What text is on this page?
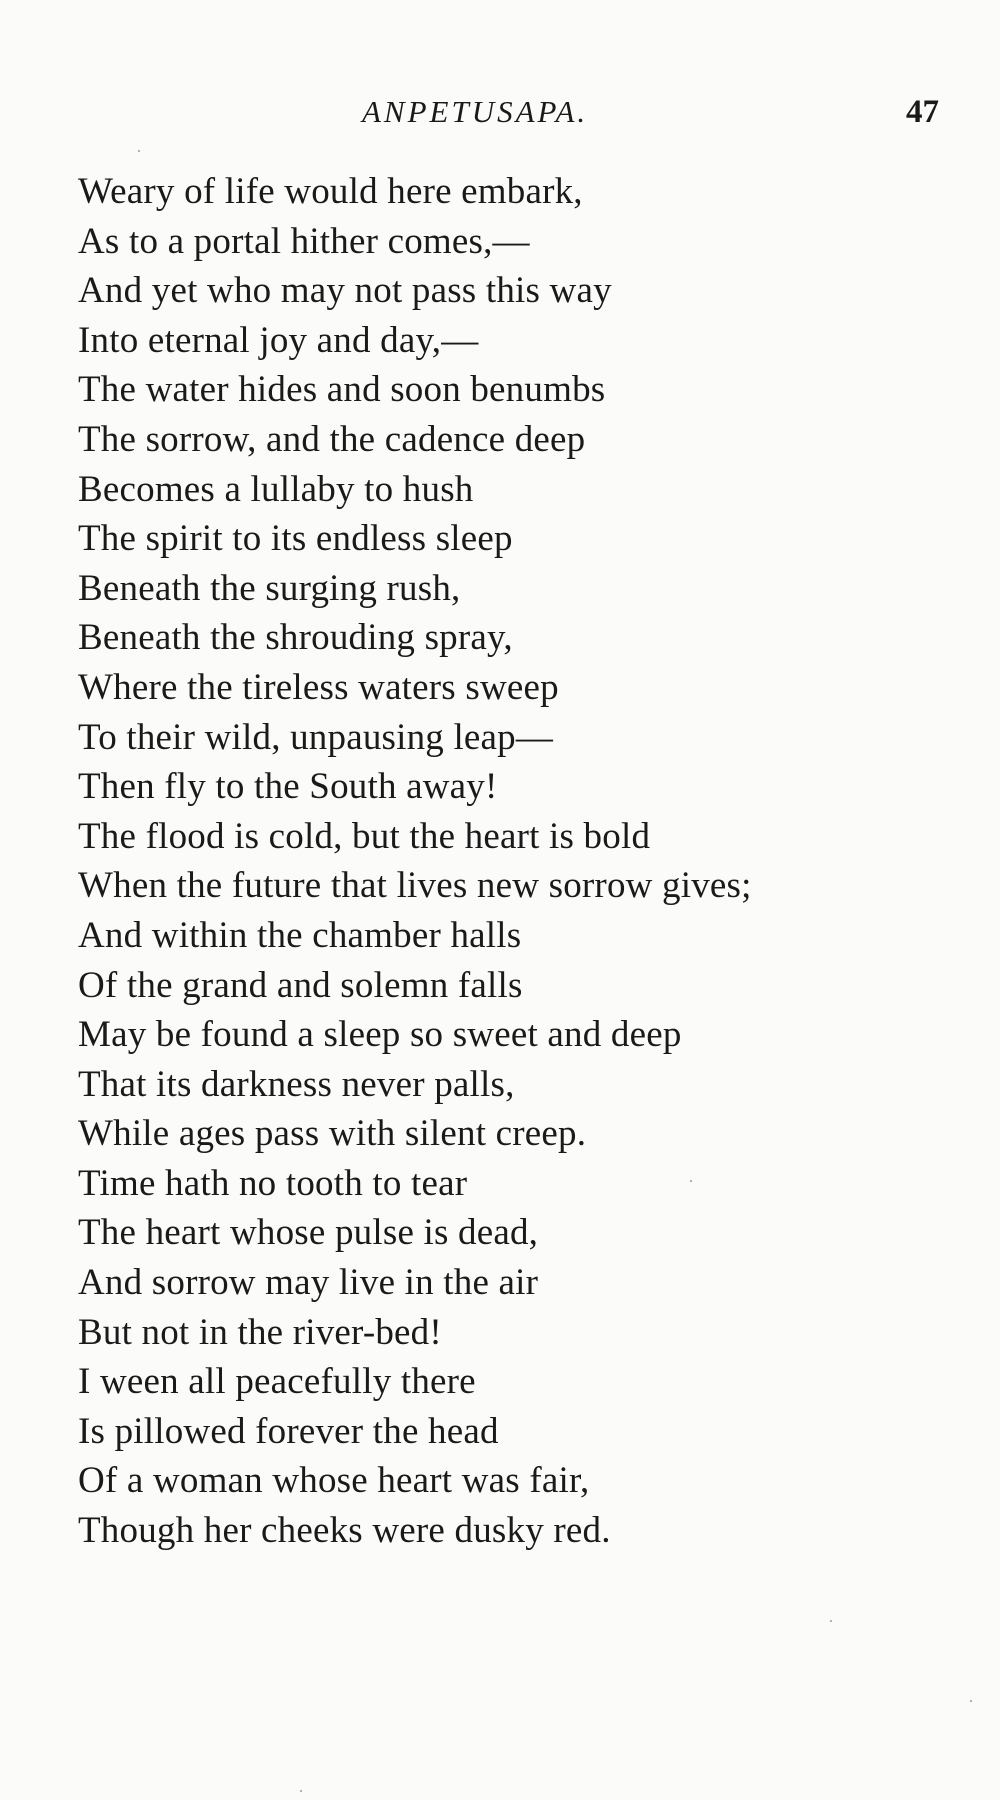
ANPETUSAPA.	47
Weary of life would here embark,
As to a portal hither comes,—
And yet who may not pass this way
Into eternal joy and day,—
The water hides and soon benumbs
The sorrow, and the cadence deep
Becomes a lullaby to hush
The spirit to its endless sleep
Beneath the surging rush,
Beneath the shrouding spray,
Where the tireless waters sweep
To their wild, unpausing leap—
Then fly to the South away!
The flood is cold, but the heart is bold
When the future that lives new sorrow gives;
And within the chamber halls
Of the grand and solemn falls
May be found a sleep so sweet and deep
That its darkness never palls,
While ages pass with silent creep.
Time hath no tooth to tear
The heart whose pulse is dead,
And sorrow may live in the air
But not in the river-bed!
I ween all peacefully there
Is pillowed forever the head
Of a woman whose heart was fair,
Though her cheeks were dusky red.
